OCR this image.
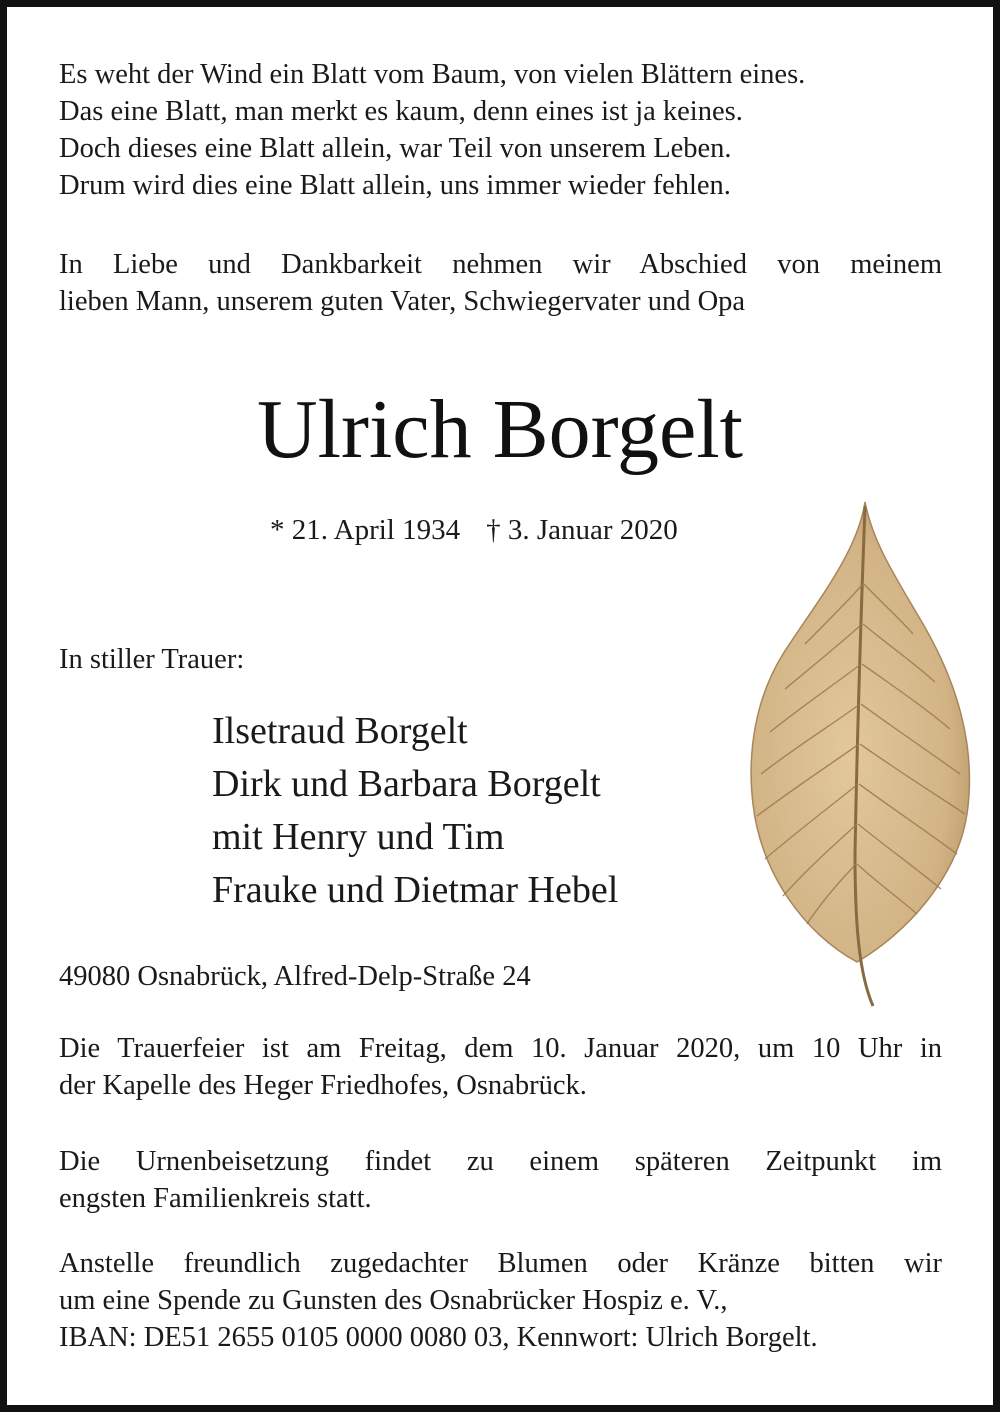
Es weht der Wind ein Blatt vom Baum, von vielen Blättern eines.
Das eine Blatt, man merkt es kaum, denn eines ist ja keines.
Doch dieses eine Blatt allein, war Teil von unserem Leben.
Drum wird dies eine Blatt allein, uns immer wieder fehlen.
In Liebe und Dankbarkeit nehmen wir Abschied von meinem
lieben Mann, unserem guten Vater, Schwiegervater und Opa
Ulrich Borgelt
* 21. April 1934 † 3. Januar 2020
In stiller Trauer:
Ilsetraud Borgelt
Dirk und Barbara Borgelt
mit Henry und Tim
Frauke und Dietmar Hebel
49080 Osnabrück, Alfred-Delp-Straße 24
Die Trauerfeier ist am Freitag, dem 10. Januar 2020, um 10 Uhr in
der Kapelle des Heger Friedhofes, Osnabrück.
Die Urnenbeisetzung findet zu einem späteren Zeitpunkt im
engsten Familienkreis statt.
Anstelle freundlich zugedachter Blumen oder Kränze bitten wir
um eine Spende zu Gunsten des Osnabrücker Hospiz e. V.,
IBAN: DE51 2655 0105 0000 0080 03, Kennwort: Ulrich Borgelt.
